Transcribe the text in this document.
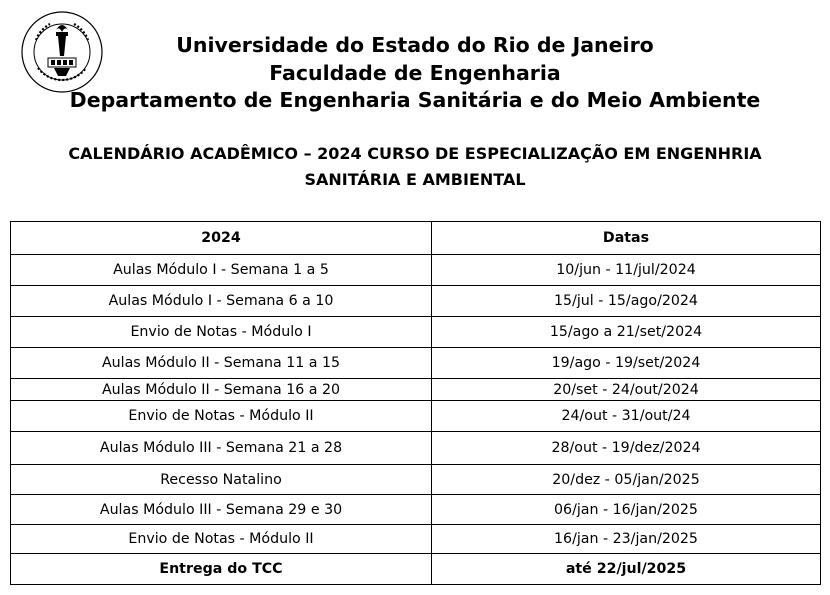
Universidade do Estado do Rio de Janeiro
Faculdade de Engenharia
Departamento de Engenharia Sanitária e do Meio Ambiente
CALENDÁRIO ACADÊMICO – 2024 CURSO DE ESPECIALIZAÇÃO EM ENGENHRIA
SANITÁRIA E AMBIENTAL
2024	Datas
Aulas Módulo I - Semana 1 a 5	10/jun - 11/jul/2024
Aulas Módulo I - Semana 6 a 10	15/jul - 15/ago/2024
Envio de Notas - Módulo I	15/ago a 21/set/2024
Aulas Módulo II - Semana 11 a 15	19/ago - 19/set/2024
Aulas Módulo II - Semana 16 a 20	20/set - 24/out/2024
Envio de Notas - Módulo II	24/out - 31/out/24
Aulas Módulo III - Semana 21 a 28	28/out - 19/dez/2024
Recesso Natalino	20/dez - 05/jan/2025
Aulas Módulo III - Semana 29 e 30	06/jan - 16/jan/2025
Envio de Notas - Módulo II	16/jan - 23/jan/2025
Entrega do TCC	até 22/jul/2025
